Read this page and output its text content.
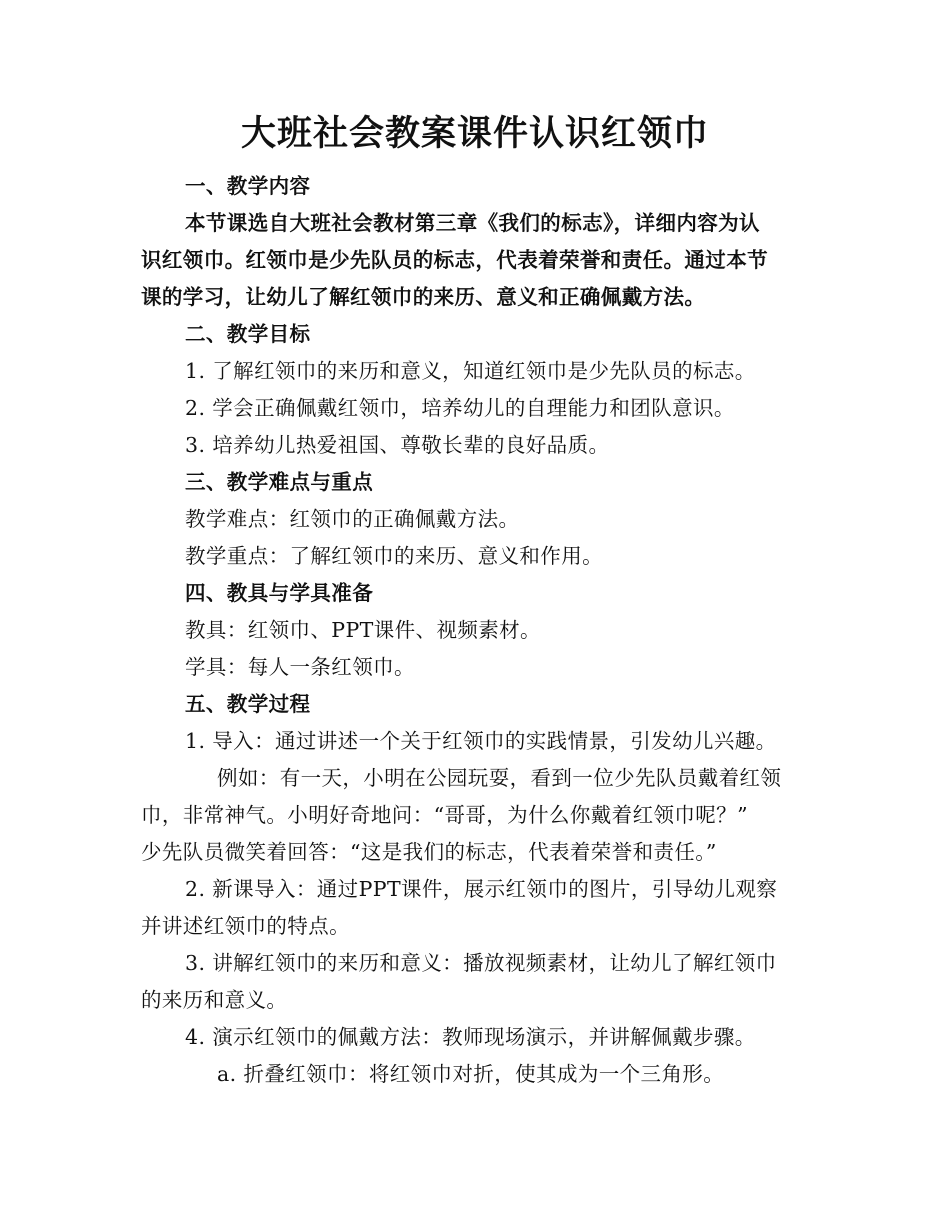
大班社会教案课件认识红领巾
一、教学内容
本节课选自大班社会教材第三章《我们的标志》，详细内容为认
识红领巾。红领巾是少先队员的标志，代表着荣誉和责任。通过本节
课的学习，让幼儿了解红领巾的来历、意义和正确佩戴方法。
二、教学目标
1. 了解红领巾的来历和意义，知道红领巾是少先队员的标志。
2. 学会正确佩戴红领巾，培养幼儿的自理能力和团队意识。
3. 培养幼儿热爱祖国、尊敬长辈的良好品质。
三、教学难点与重点
教学难点：红领巾的正确佩戴方法。
教学重点：了解红领巾的来历、意义和作用。
四、教具与学具准备
教具：红领巾、PPT课件、视频素材。
学具：每人一条红领巾。
五、教学过程
1. 导入：通过讲述一个关于红领巾的实践情景，引发幼儿兴趣。
例如：有一天，小明在公园玩耍，看到一位少先队员戴着红领
巾，非常神气。小明好奇地问：“哥哥，为什么你戴着红领巾呢？”
少先队员微笑着回答：“这是我们的标志，代表着荣誉和责任。”
2. 新课导入：通过PPT课件，展示红领巾的图片，引导幼儿观察
并讲述红领巾的特点。
3. 讲解红领巾的来历和意义：播放视频素材，让幼儿了解红领巾
的来历和意义。
4. 演示红领巾的佩戴方法：教师现场演示，并讲解佩戴步骤。
a. 折叠红领巾：将红领巾对折，使其成为一个三角形。
